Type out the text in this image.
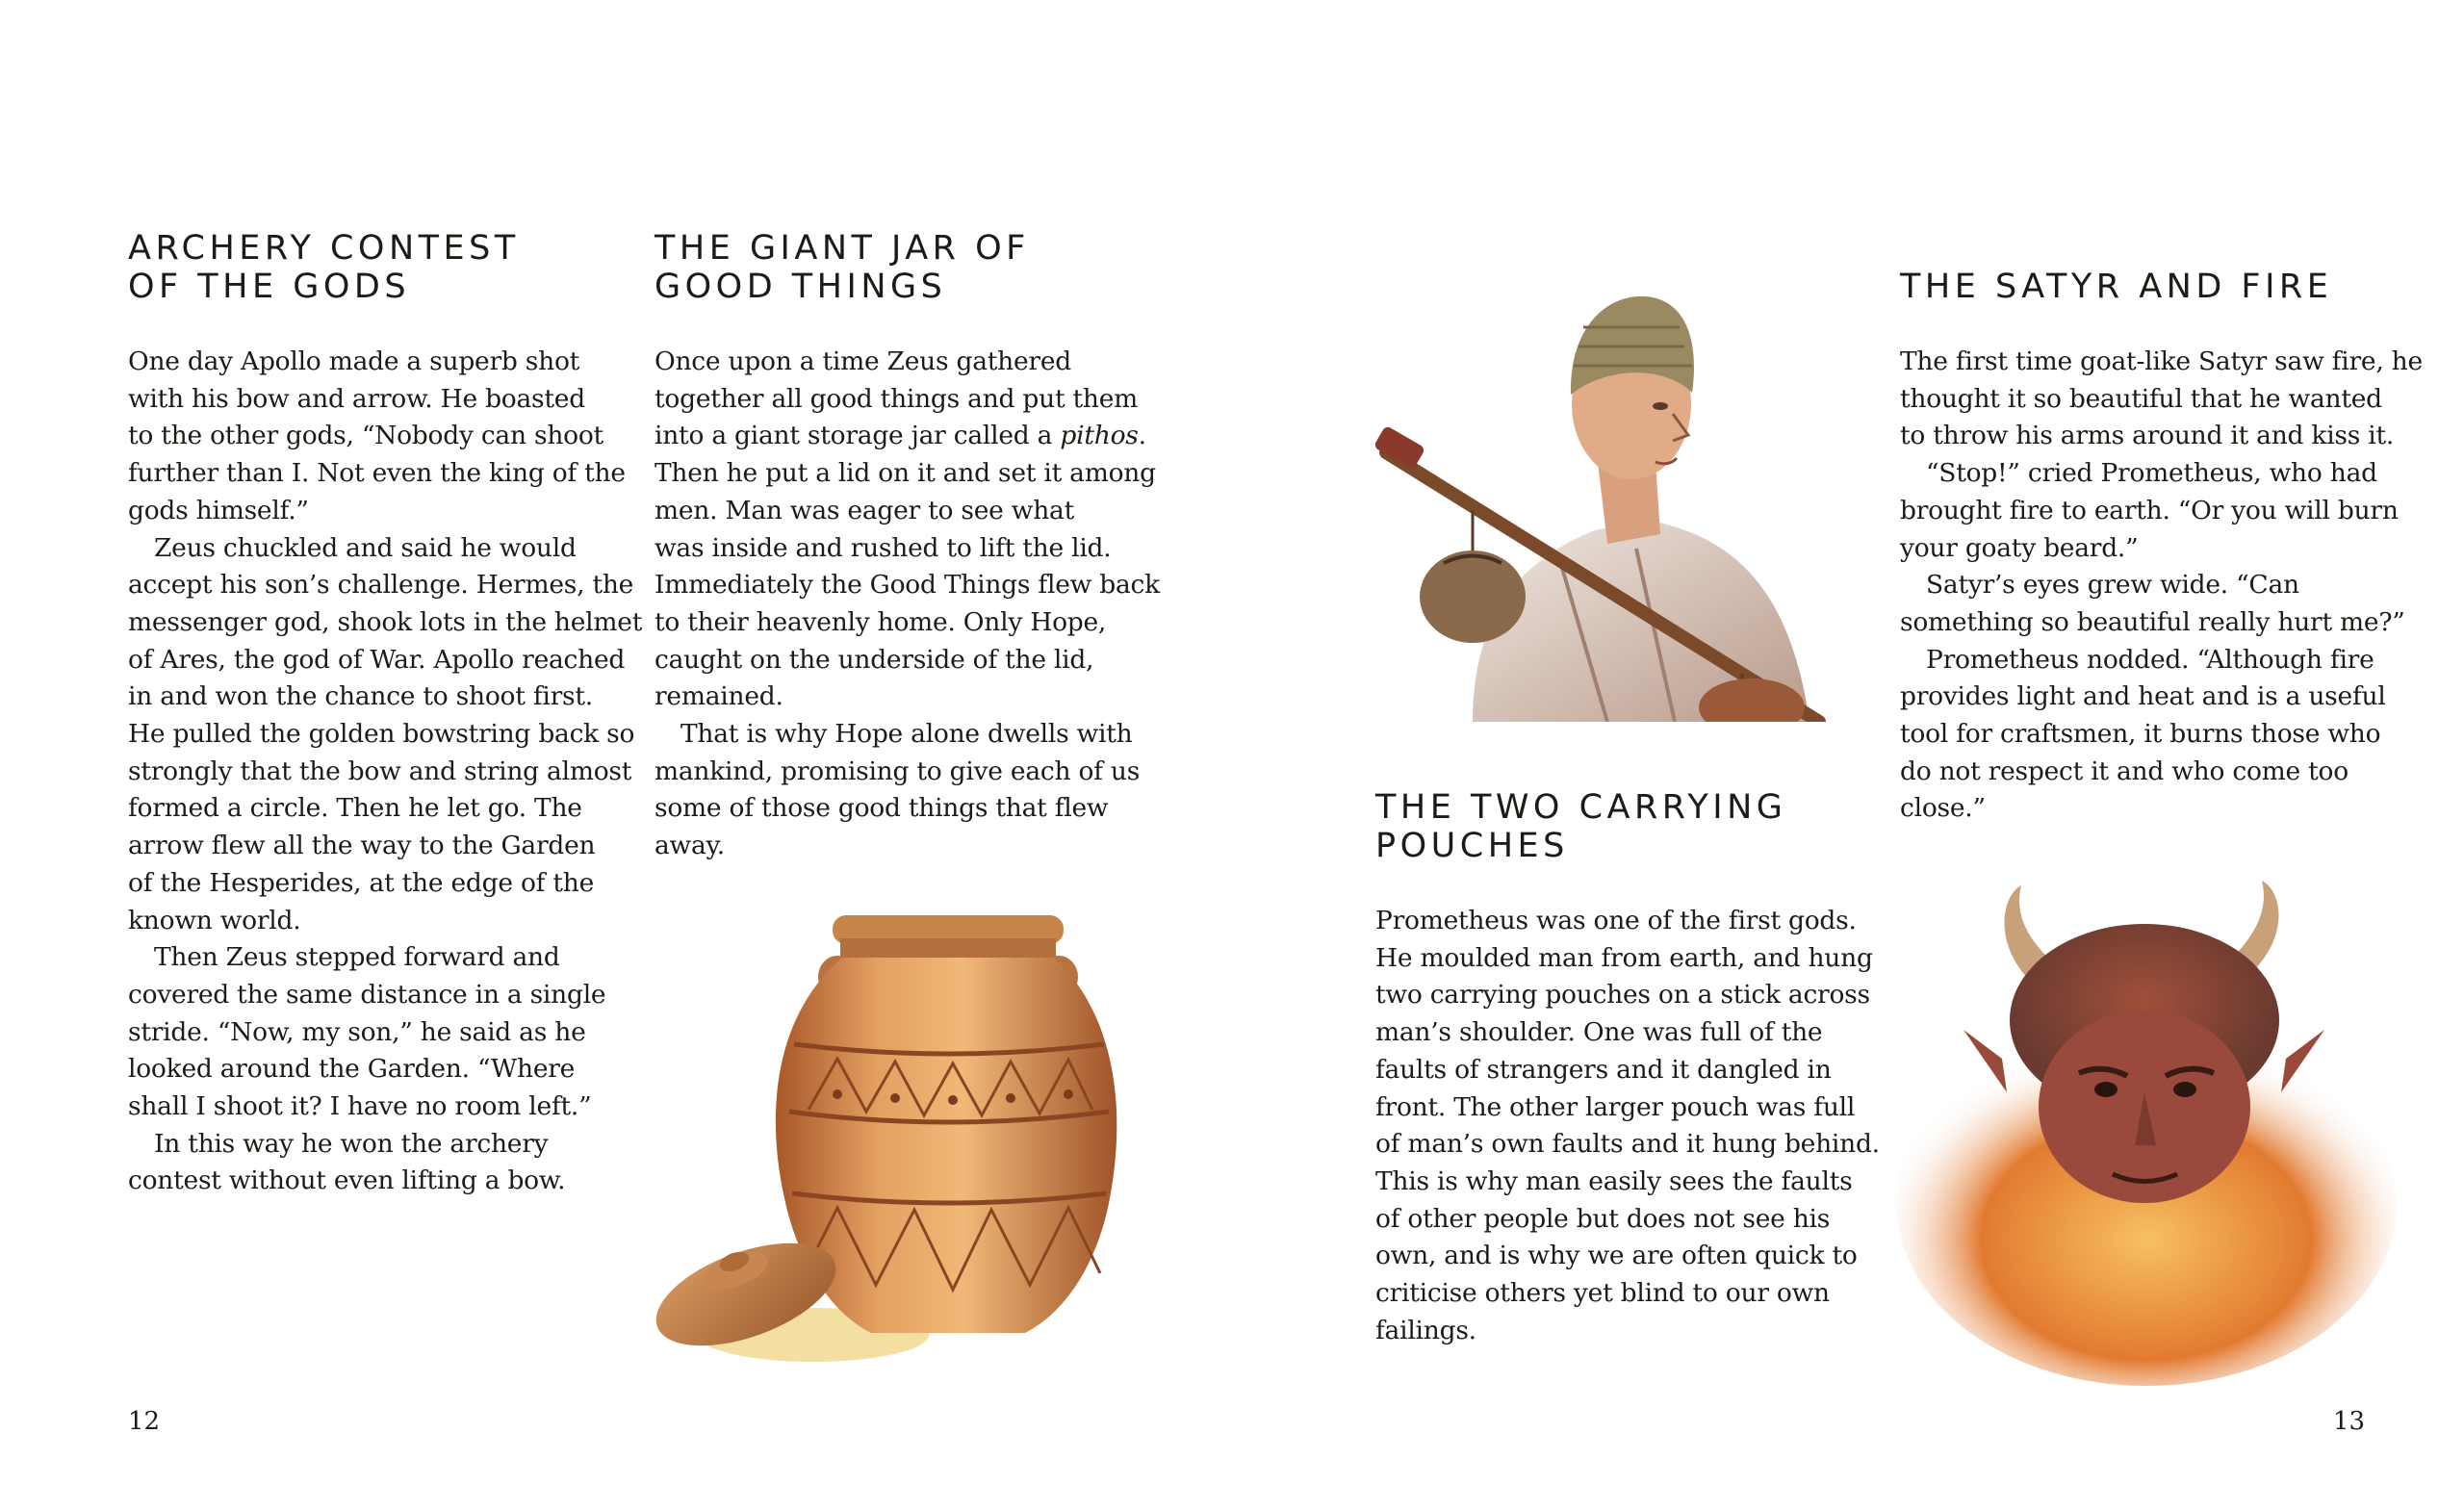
ARCHERY CONTEST
OF THE GODS

One day Apollo made a superb shot

with his bow and arrow. He boasted

to the other gods, “Nobody can shoot

further than I. Not even the king of the

gods himself.”

Zeus chuckled and said he would

accept his son’s challenge. Hermes, the

messenger god, shook lots in the helmet

of Ares, the god of War. Apollo reached

in and won the chance to shoot first.

He pulled the golden bowstring back so

strongly that the bow and string almost

formed a circle. Then he let go. The

arrow flew all the way to the Garden

of the Hesperides, at the edge of the

known world.

Then Zeus stepped forward and

covered the same distance in a single

stride. “Now, my son,” he said as he

looked around the Garden. “Where

shall I shoot it? I have no room left.”

In this way he won the archery

contest without even lifting a bow.

THE GIANT JAR OF
GOOD THINGS

Once upon a time Zeus gathered

together all good things and put them

into a giant storage jar called a pithos.

Then he put a lid on it and set it among

men. Man was eager to see what

was inside and rushed to lift the lid.

Immediately the Good Things flew back

to their heavenly home. Only Hope,

caught on the underside of the lid,

remained.

That is why Hope alone dwells with

mankind, promising to give each of us

some of those good things that flew

away.

THE TWO CARRYING
POUCHES

Prometheus was one of the first gods.

He moulded man from earth, and hung

two carrying pouches on a stick across

man’s shoulder. One was full of the

faults of strangers and it dangled in

front. The other larger pouch was full

of man’s own faults and it hung behind.

This is why man easily sees the faults

of other people but does not see his

own, and is why we are often quick to

criticise others yet blind to our own

failings.

THE SATYR AND FIRE

The first time goat-like Satyr saw fire, he

thought it so beautiful that he wanted

to throw his arms around it and kiss it.

“Stop!” cried Prometheus, who had

brought fire to earth. “Or you will burn

your goaty beard.”

Satyr’s eyes grew wide. “Can

something so beautiful really hurt me?”

Prometheus nodded. “Although fire

provides light and heat and is a useful

tool for craftsmen, it burns those who

do not respect it and who come too

close.”

12	13
